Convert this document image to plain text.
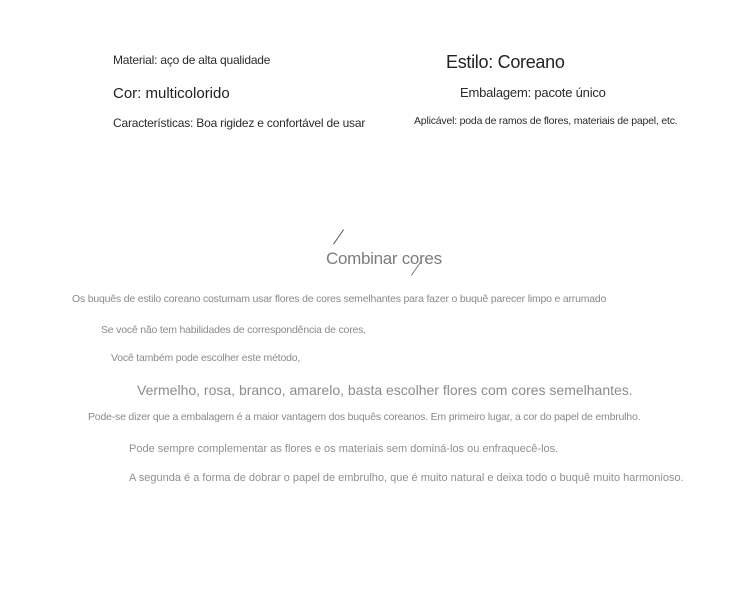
Material: aço de alta qualidade	Estilo: Coreano
Cor: multicolorido	Embalagem: pacote único
Características: Boa rigidez e confortável de usar	Aplicável: poda de ramos de flores, materiais de papel, etc.
Combinar cores
Os buquês de estilo coreano costumam usar flores de cores semelhantes para fazer o buquê parecer limpo e arrumado
Se você não tem habilidades de correspondência de cores,
Você também pode escolher este método,
Vermelho, rosa, branco, amarelo, basta escolher flores com cores semelhantes.
Pode-se dizer que a embalagem é a maior vantagem dos buquês coreanos. Em primeiro lugar, a cor do papel de embrulho.
Pode sempre complementar as flores e os materiais sem dominá-los ou enfraquecê-los.
A segunda é a forma de dobrar o papel de embrulho, que é muito natural e deixa todo o buquê muito harmonioso.
